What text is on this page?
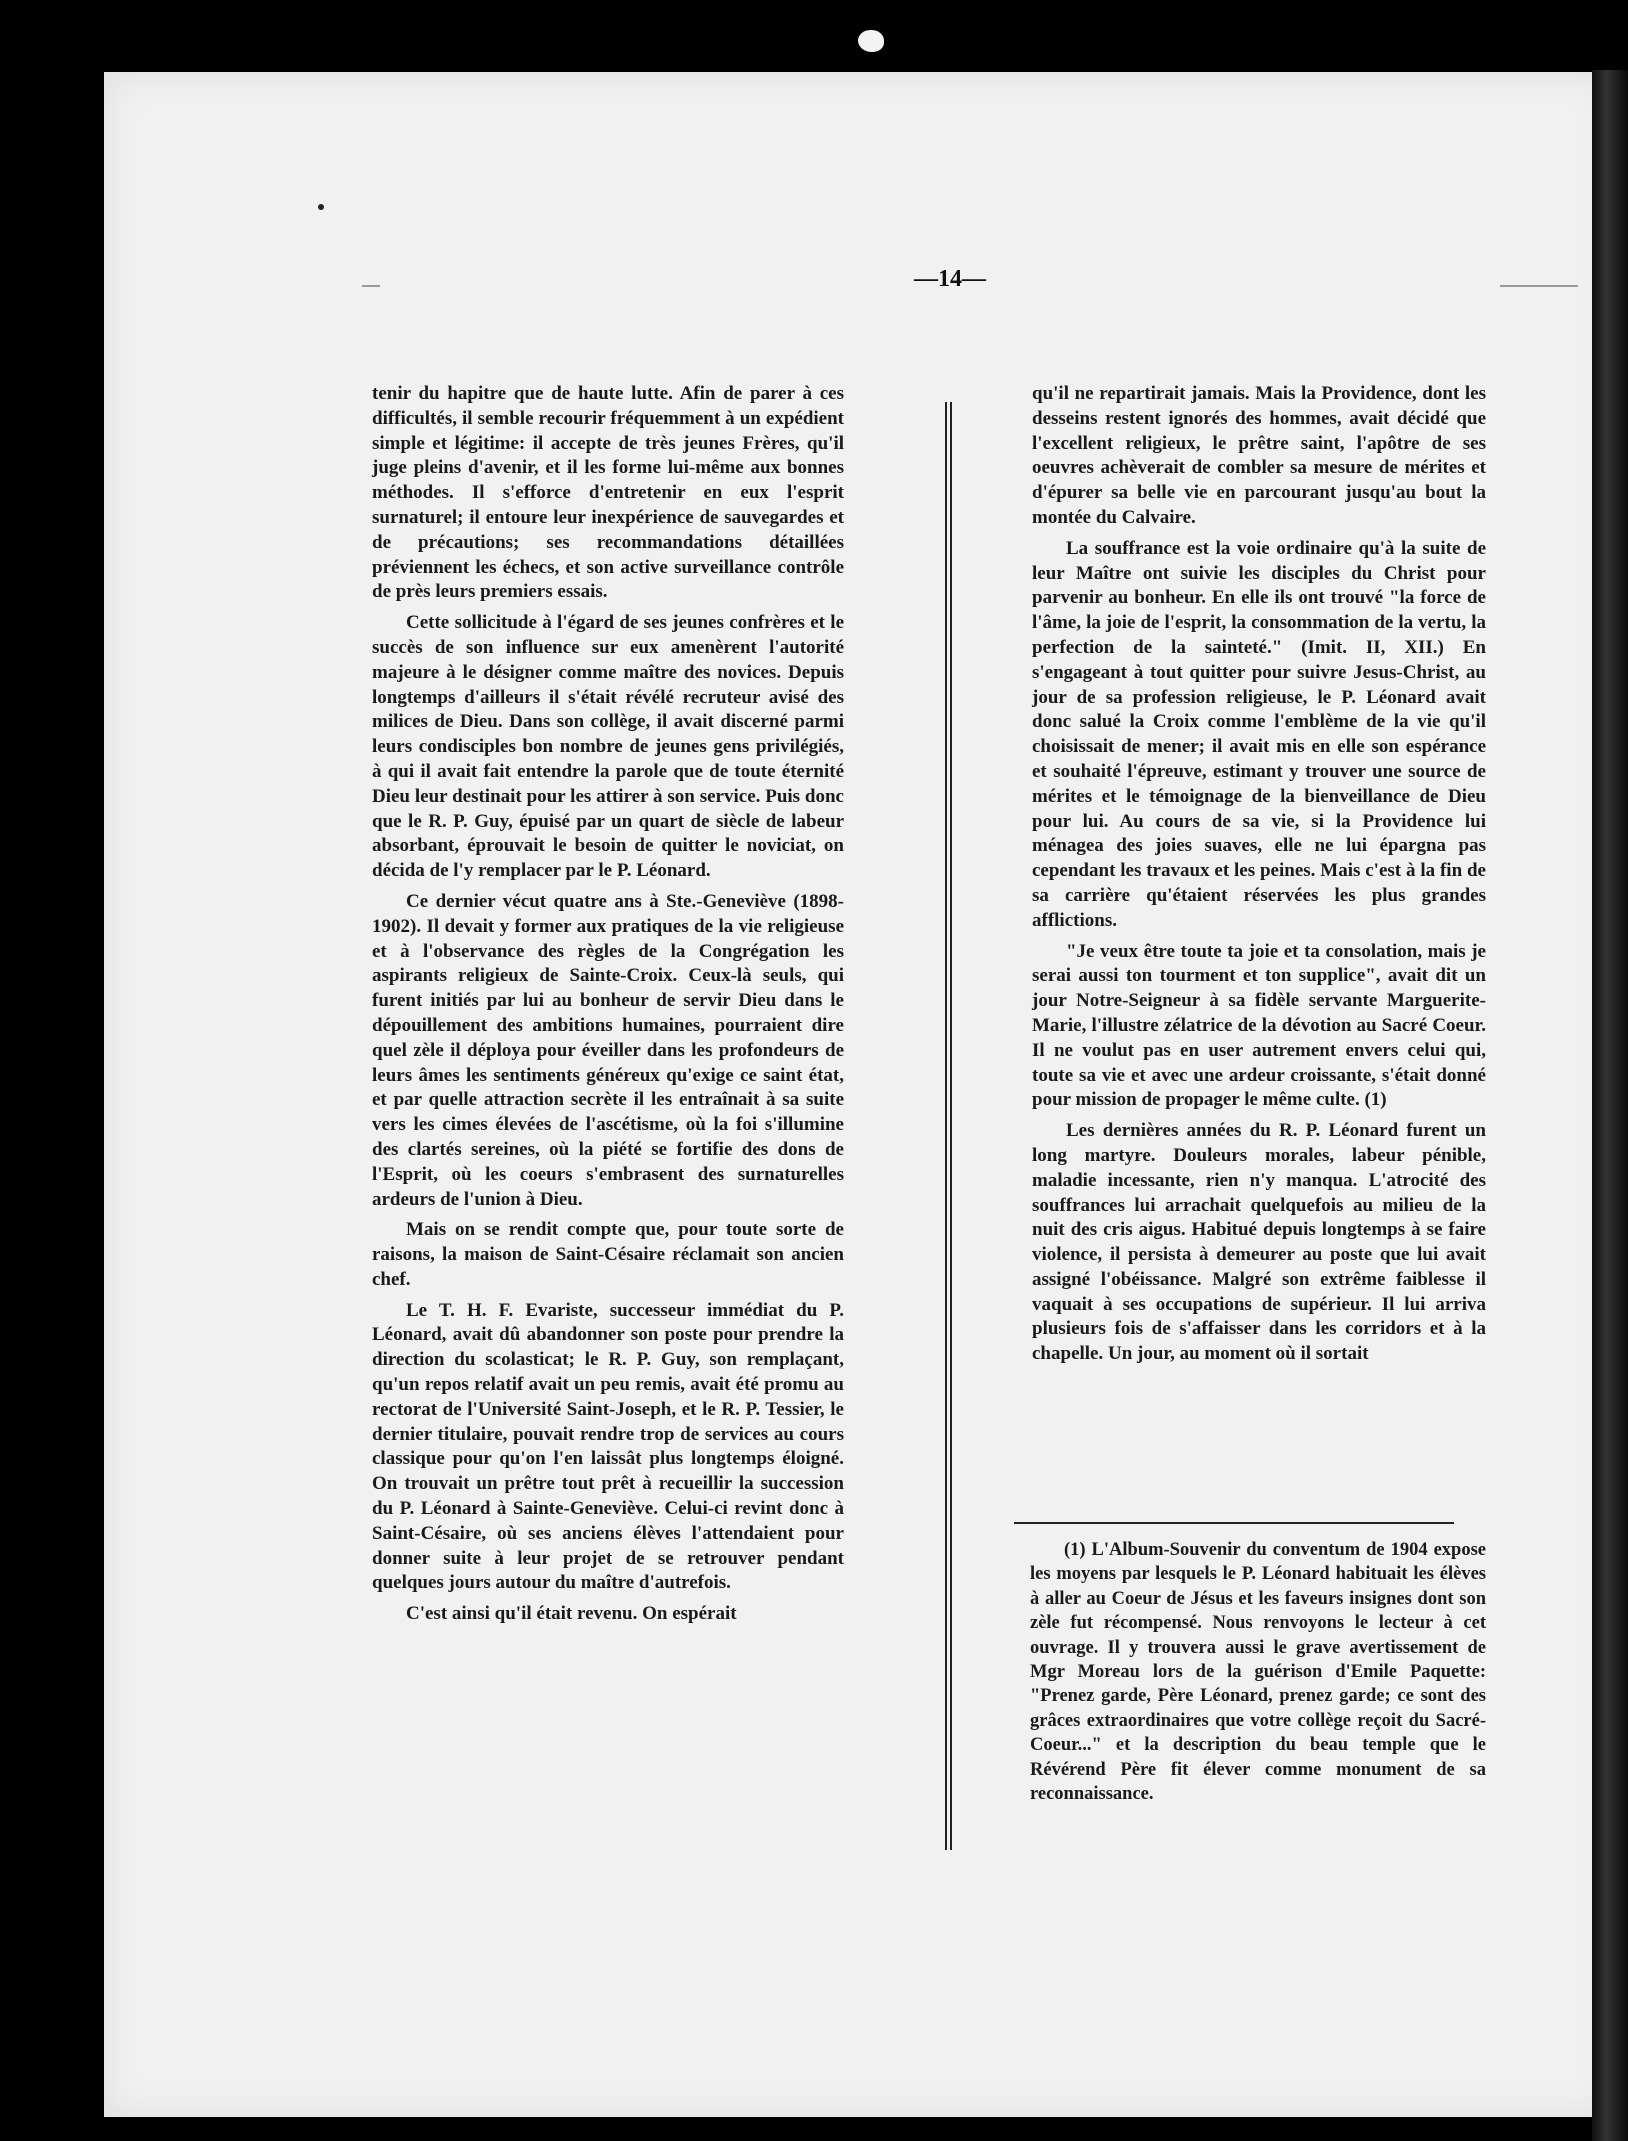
—14—

tenir du hapitre que de haute lutte. Afin de parer à ces difficultés, il semble recourir fréquemment à un expédient simple et légitime: il accepte de très jeunes Frères, qu'il juge pleins d'avenir, et il les forme lui-même aux bonnes méthodes. Il s'efforce d'entretenir en eux l'esprit surnaturel; il entoure leur inexpérience de sauvegardes et de précautions; ses recommandations détaillées préviennent les échecs, et son active surveillance contrôle de près leurs premiers essais.

Cette sollicitude à l'égard de ses jeunes confrères et le succès de son influence sur eux amenèrent l'autorité majeure à le désigner comme maître des novices. Depuis longtemps d'ailleurs il s'était révélé recruteur avisé des milices de Dieu. Dans son collège, il avait discerné parmi leurs condisciples bon nombre de jeunes gens privilégiés, à qui il avait fait entendre la parole que de toute éternité Dieu leur destinait pour les attirer à son service. Puis donc que le R. P. Guy, épuisé par un quart de siècle de labeur absorbant, éprouvait le besoin de quitter le noviciat, on décida de l'y remplacer par le P. Léonard.

Ce dernier vécut quatre ans à Ste.-Geneviève (1898-1902). Il devait y former aux pratiques de la vie religieuse et à l'observance des règles de la Congrégation les aspirants religieux de Sainte-Croix. Ceux-là seuls, qui furent initiés par lui au bonheur de servir Dieu dans le dépouillement des ambitions humaines, pourraient dire quel zèle il déploya pour éveiller dans les profondeurs de leurs âmes les sentiments généreux qu'exige ce saint état, et par quelle attraction secrète il les entraînait à sa suite vers les cimes élevées de l'ascétisme, où la foi s'illumine des clartés sereines, où la piété se fortifie des dons de l'Esprit, où les coeurs s'embrasent des surnaturelles ardeurs de l'union à Dieu.

Mais on se rendit compte que, pour toute sorte de raisons, la maison de Saint-Césaire réclamait son ancien chef.

Le T. H. F. Evariste, successeur immédiat du P. Léonard, avait dû abandonner son poste pour prendre la direction du scolasticat; le R. P. Guy, son remplaçant, qu'un repos relatif avait un peu remis, avait été promu au rectorat de l'Université Saint-Joseph, et le R. P. Tessier, le dernier titulaire, pouvait rendre trop de services au cours classique pour qu'on l'en laissât plus longtemps éloigné. On trouvait un prêtre tout prêt à recueillir la succession du P. Léonard à Sainte-Geneviève. Celui-ci revint donc à Saint-Césaire, où ses anciens élèves l'attendaient pour donner suite à leur projet de se retrouver pendant quelques jours autour du maître d'autrefois.

C'est ainsi qu'il était revenu. On espérait

qu'il ne repartirait jamais. Mais la Providence, dont les desseins restent ignorés des hommes, avait décidé que l'excellent religieux, le prêtre saint, l'apôtre de ses oeuvres achèverait de combler sa mesure de mérites et d'épurer sa belle vie en parcourant jusqu'au bout la montée du Calvaire.

La souffrance est la voie ordinaire qu'à la suite de leur Maître ont suivie les disciples du Christ pour parvenir au bonheur. En elle ils ont trouvé "la force de l'âme, la joie de l'esprit, la consommation de la vertu, la perfection de la sainteté." (Imit. II, XII.) En s'engageant à tout quitter pour suivre Jesus-Christ, au jour de sa profession religieuse, le P. Léonard avait donc salué la Croix comme l'emblème de la vie qu'il choisissait de mener; il avait mis en elle son espérance et souhaité l'épreuve, estimant y trouver une source de mérites et le témoignage de la bienveillance de Dieu pour lui. Au cours de sa vie, si la Providence lui ménagea des joies suaves, elle ne lui épargna pas cependant les travaux et les peines. Mais c'est à la fin de sa carrière qu'étaient réservées les plus grandes afflictions.

"Je veux être toute ta joie et ta consolation, mais je serai aussi ton tourment et ton supplice", avait dit un jour Notre-Seigneur à sa fidèle servante Marguerite-Marie, l'illustre zélatrice de la dévotion au Sacré Coeur. Il ne voulut pas en user autrement envers celui qui, toute sa vie et avec une ardeur croissante, s'était donné pour mission de propager le même culte. (1)

Les dernières années du R. P. Léonard furent un long martyre. Douleurs morales, labeur pénible, maladie incessante, rien n'y manqua. L'atrocité des souffrances lui arrachait quelquefois au milieu de la nuit des cris aigus. Habitué depuis longtemps à se faire violence, il persista à demeurer au poste que lui avait assigné l'obéissance. Malgré son extrême faiblesse il vaquait à ses occupations de supérieur. Il lui arriva plusieurs fois de s'affaisser dans les corridors et à la chapelle. Un jour, au moment où il sortait

(1) L'Album-Souvenir du conventum de 1904 expose les moyens par lesquels le P. Léonard habituait les élèves à aller au Coeur de Jésus et les faveurs insignes dont son zèle fut récompensé. Nous renvoyons le lecteur à cet ouvrage. Il y trouvera aussi le grave avertissement de Mgr Moreau lors de la guérison d'Emile Paquette: "Prenez garde, Père Léonard, prenez garde; ce sont des grâces extraordinaires que votre collège reçoit du Sacré-Coeur..." et la description du beau temple que le Révérend Père fit élever comme monument de sa reconnaissance.
